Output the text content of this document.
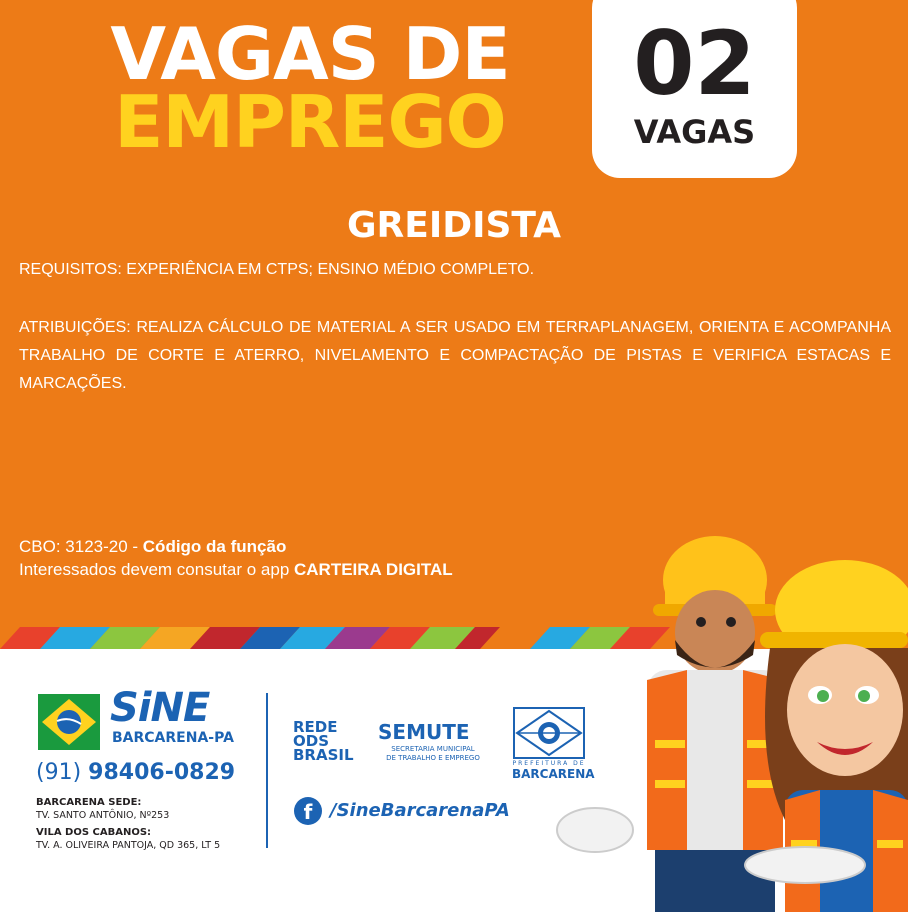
VAGAS DE
EMPREGO
02
VAGAS
GREIDISTA
REQUISITOS: EXPERIÊNCIA EM CTPS; ENSINO MÉDIO COMPLETO.
ATRIBUIÇÕES: REALIZA CÁLCULO DE MATERIAL A SER USADO EM TERRAPLANAGEM, ORIENTA E ACOMPANHA TRABALHO DE CORTE E ATERRO, NIVELAMENTO E COMPACTAÇÃO DE PISTAS E VERIFICA ESTACAS E MARCAÇÕES.
CBO: 3123-20 - Código da função
Interessados devem consutar o app CARTEIRA DIGITAL
SiNE
BARCARENA-PA
(91) 98406-0829
BARCARENA SEDE:
TV. SANTO ANTÔNIO, Nº253
VILA DOS CABANOS:
TV. A. OLIVEIRA PANTOJA, QD 365, LT 5
REDE
ODS
BRASIL
SEMUTE
SECRETARIA MUNICIPAL
DE TRABALHO E EMPREGO
PREFEITURA DE
BARCARENA
f /SineBarcarenaPA
